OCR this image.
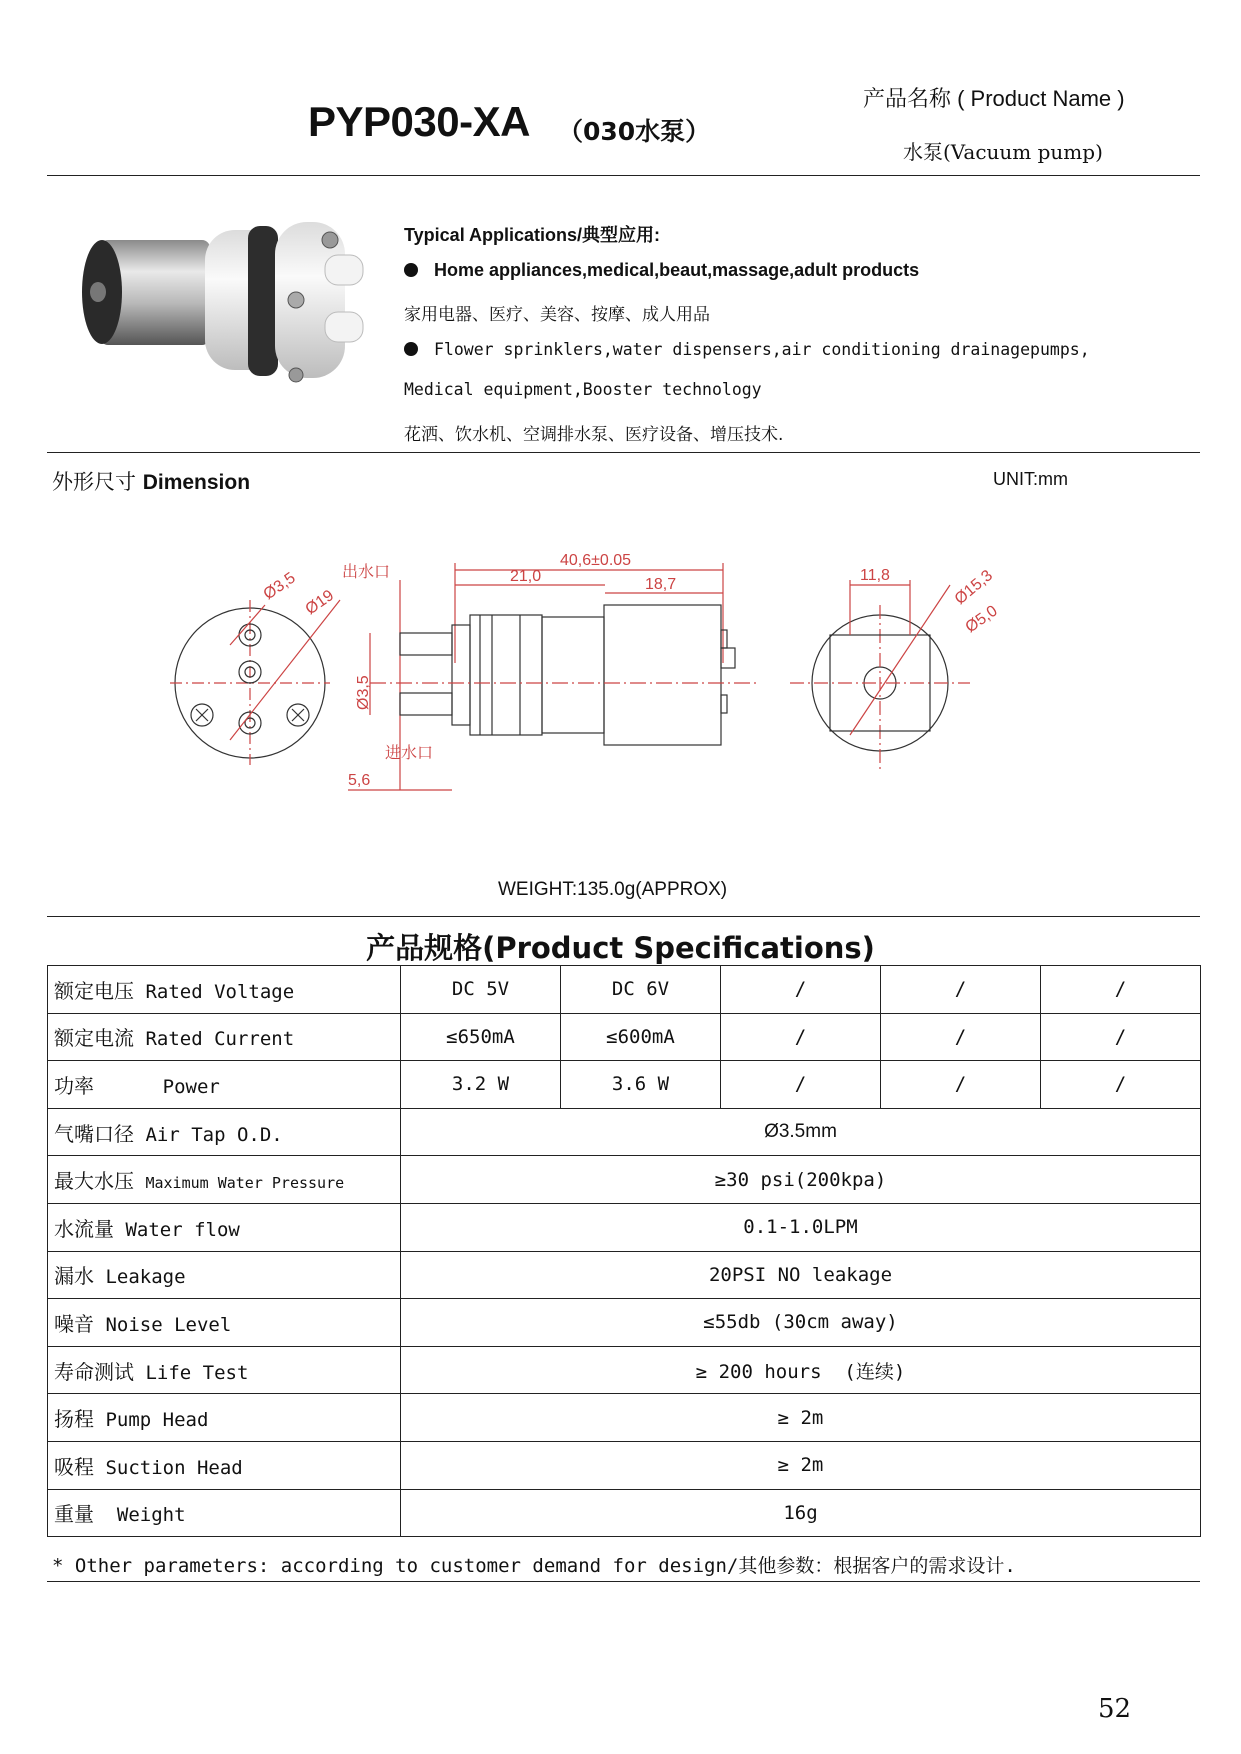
PYP030-XA （030水泵）
产品名称 ( Product Name )
水泵(Vacuum pump)
Typical Applications/典型应用:
Home appliances,medical,beaut,massage,adult products
家用电器、医疗、美容、按摩、成人用品
Flower sprinklers,water dispensers,air conditioning drainagepumps,
Medical equipment,Booster technology
花洒、饮水机、空调排水泵、医疗设备、增压技术.
外形尺寸 Dimension	UNIT:mm
Ø3,5 Ø19
40,6±0.05
21,0	18,7
出水口
进水口
Ø3,5
5,6
11,8	Ø15,3
Ø5,0
WEIGHT:135.0g(APPROX)
产品规格(Product Specifications)
额定电压 Rated Voltage	DC 5V	DC 6V	/	/	/
额定电流 Rated Current	≤650mA	≤600mA	/	/	/
功率      Power	3.2 W	3.6 W	/	/	/
气嘴口径 Air Tap O.D.	Ø3.5mm				
最大水压 Maximum Water Pressure	≥30 psi(200kpa)				
水流量 Water flow	0.1-1.0LPM				
漏水 Leakage	20PSI NO leakage				
噪音 Noise Level	≤55db (30cm away)				
寿命测试 Life Test	≥ 200 hours  (连续)				
扬程 Pump Head	≥ 2m				
吸程 Suction Head	≥ 2m				
重量  Weight	16g				
* Other parameters: according to customer demand for design/其他参数：根据客户的需求设计.
52
